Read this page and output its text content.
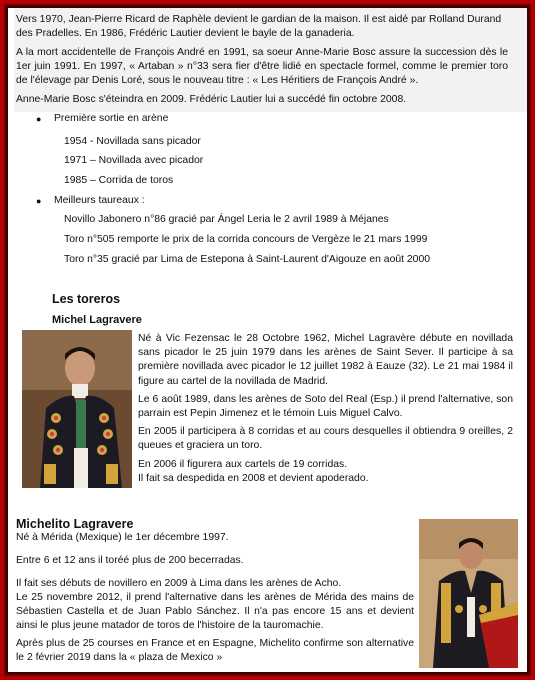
Vers 1970, Jean-Pierre Ricard de Raphèle devient le gardian de la maison. Il est aidé par Rolland Durand des Pradelles. En 1986, Frédéric Lautier devient le bayle de la ganaderia.
A la mort accidentelle de François André en 1991, sa soeur Anne-Marie Bosc assure la succession dès le 1er juin 1991. En 1997, « Artaban » n°33 sera fier d'être lidié en spectacle formel, comme le premier toro de l'élevage par Denis Loré, sous le nouveau titre : « Les Héritiers de François André ».
Anne-Marie Bosc s'éteindra en 2009. Frédéric Lautier lui a succédé fin octobre 2008.
● Première sortie en arène
1954 - Novillada sans picador
1971 – Novillada avec picador
1985 – Corrida de toros
● Meilleurs taureaux :
Novillo Jabonero n°86 gracié par Ángel Leria le 2 avril 1989 à Méjanes
Toro n°505 remporte le prix de la corrida concours de Vergèze le 21 mars 1999
Toro n°35 gracié par Lima de Estepona à Saint-Laurent d'Aigouze en août 2000
Les toreros
Michel Lagravere
Né à Vic Fezensac le 28 Octobre 1962, Michel Lagravère débute en novillada sans picador le 25 juin 1979 dans les arènes de Saint Sever. Il participe à sa première novillada avec picador le 12 juillet 1982 à Eauze (32). Le 21 mai 1984 il figure au cartel de la novillada de Madrid.
Le 6 août 1989, dans les arènes de Soto del Real (Esp.) il prend l'alternative, son parrain est Pepin Jimenez et le témoin Luis Miguel Calvo.
En 2005 il participera à 8 corridas et au cours desquelles il obtiendra 9 oreilles, 2 queues et graciera un toro.
En 2006 il figurera aux cartels de 19 corridas.
Il fait sa despedida en 2008 et devient apoderado.
Michelito Lagravere
Né à Mérida (Mexique) le 1er décembre 1997.
Entre 6 et 12 ans il toréé plus de 200 becerradas.
Il fait ses débuts de novillero en 2009 à Lima dans les arènes de Acho.
Le 25 novembre 2012, il prend l'alternative dans les arènes de Mérida des mains de Sébastien Castella et de Juan Pablo Sánchez. Il n'a pas encore 15 ans et devient ainsi le plus jeune matador de toros de l'histoire de la tauromachie.
Après plus de 25 courses en France et en Espagne, Michelito confirme son alternative le 2 février 2019 dans la « plaza de Mexico »
